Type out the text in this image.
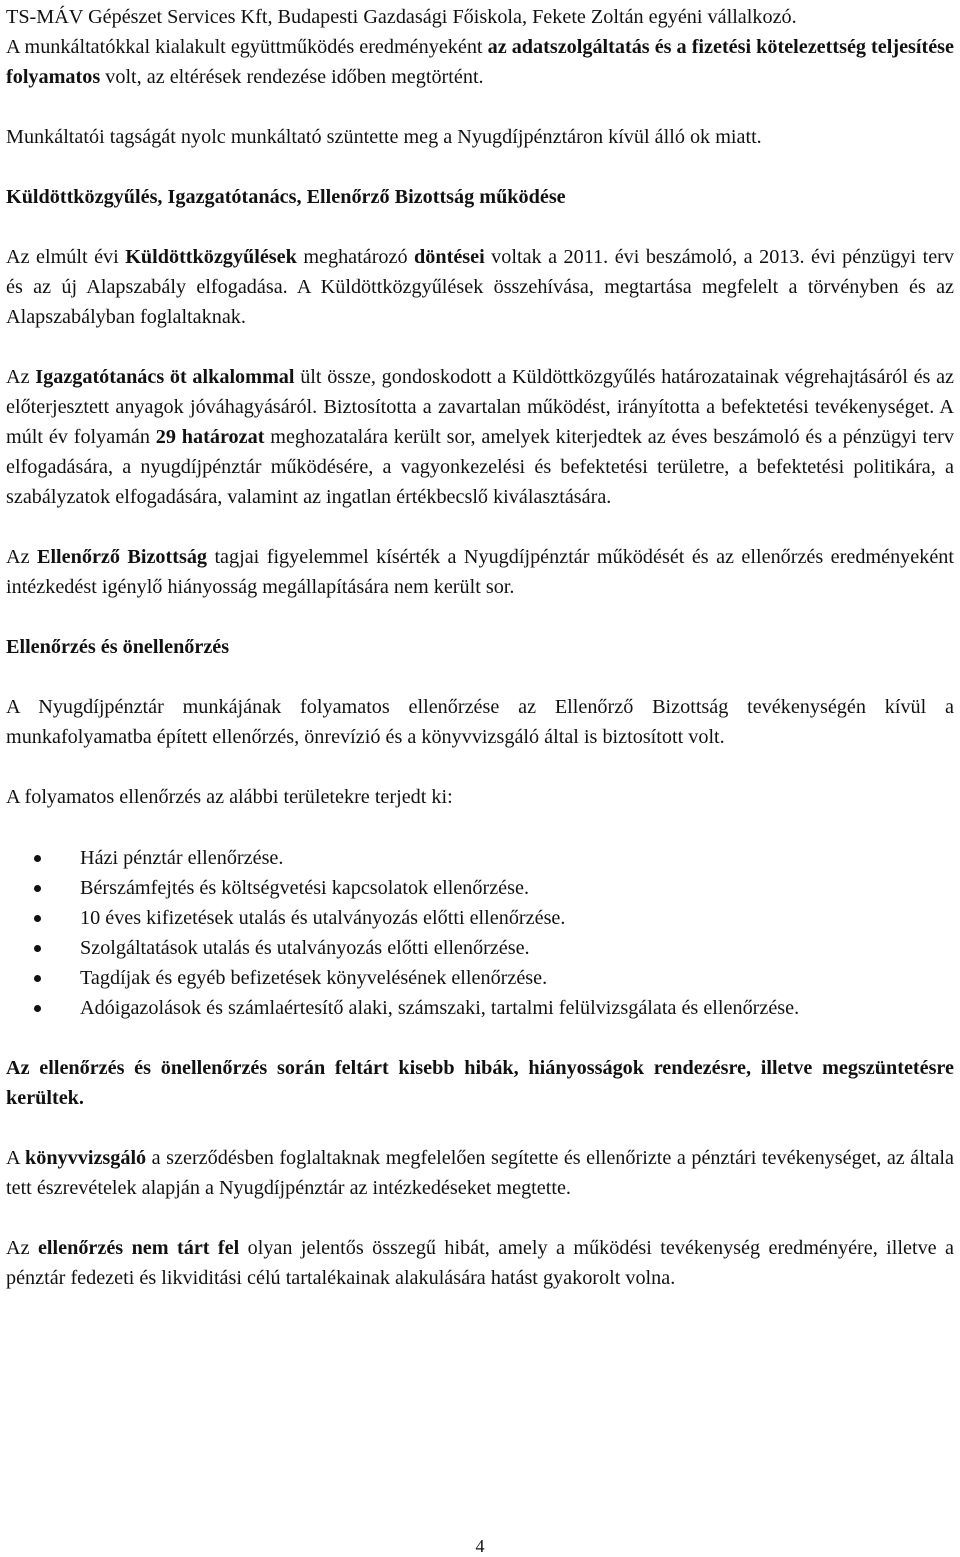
TS-MÁV Gépészet Services Kft, Budapesti Gazdasági Főiskola, Fekete Zoltán egyéni vállalkozó.

A munkáltatókkal kialakult együttműködés eredményeként az adatszolgáltatás és a fizetési kötelezettség teljesítése folyamatos volt, az eltérések rendezése időben megtörtént.

Munkáltatói tagságát nyolc munkáltató szüntette meg a Nyugdíjpénztáron kívül álló ok miatt.

Küldöttközgyűlés, Igazgatótanács, Ellenőrző Bizottság működése

Az elmúlt évi Küldöttközgyűlések meghatározó döntései voltak a 2011. évi beszámoló, a 2013. évi pénzügyi terv és az új Alapszabály elfogadása. A Küldöttközgyűlések összehívása, megtartása megfelelt a törvényben és az Alapszabályban foglaltaknak.

Az Igazgatótanács öt alkalommal ült össze, gondoskodott a Küldöttközgyűlés határozatainak végrehajtásáról és az előterjesztett anyagok jóváhagyásáról. Biztosította a zavartalan működést, irányította a befektetési tevékenységet. A múlt év folyamán 29 határozat meghozatalára került sor, amelyek kiterjedtek az éves beszámoló és a pénzügyi terv elfogadására, a nyugdíjpénztár működésére, a vagyonkezelési és befektetési területre, a befektetési politikára, a szabályzatok elfogadására, valamint az ingatlan értékbecslő kiválasztására.

Az Ellenőrző Bizottság tagjai figyelemmel kísérték a Nyugdíjpénztár működését és az ellenőrzés eredményeként intézkedést igénylő hiányosság megállapítására nem került sor.

Ellenőrzés és önellenőrzés

A Nyugdíjpénztár munkájának folyamatos ellenőrzése az Ellenőrző Bizottság tevékenységén kívül a munkafolyamatba épített ellenőrzés, önrevízió és a könyvvizsgáló által is biztosított volt.

A folyamatos ellenőrzés az alábbi területekre terjedt ki:

Házi pénztár ellenőrzése.
Bérszámfejtés és költségvetési kapcsolatok ellenőrzése.
10 éves kifizetések utalás és utalványozás előtti ellenőrzése.
Szolgáltatások utalás és utalványozás előtti ellenőrzése.
Tagdíjak és egyéb befizetések könyvelésének ellenőrzése.
Adóigazolások és számlaértesítő alaki, számszaki, tartalmi felülvizsgálata és ellenőrzése.

Az ellenőrzés és önellenőrzés során feltárt kisebb hibák, hiányosságok rendezésre, illetve megszüntetésre kerültek.

A könyvvizsgáló a szerződésben foglaltaknak megfelelően segítette és ellenőrizte a pénztári tevékenységet, az általa tett észrevételek alapján a Nyugdíjpénztár az intézkedéseket megtette.

Az ellenőrzés nem tárt fel olyan jelentős összegű hibát, amely a működési tevékenység eredményére, illetve a pénztár fedezeti és likviditási célú tartalékainak alakulására hatást gyakorolt volna.

4
